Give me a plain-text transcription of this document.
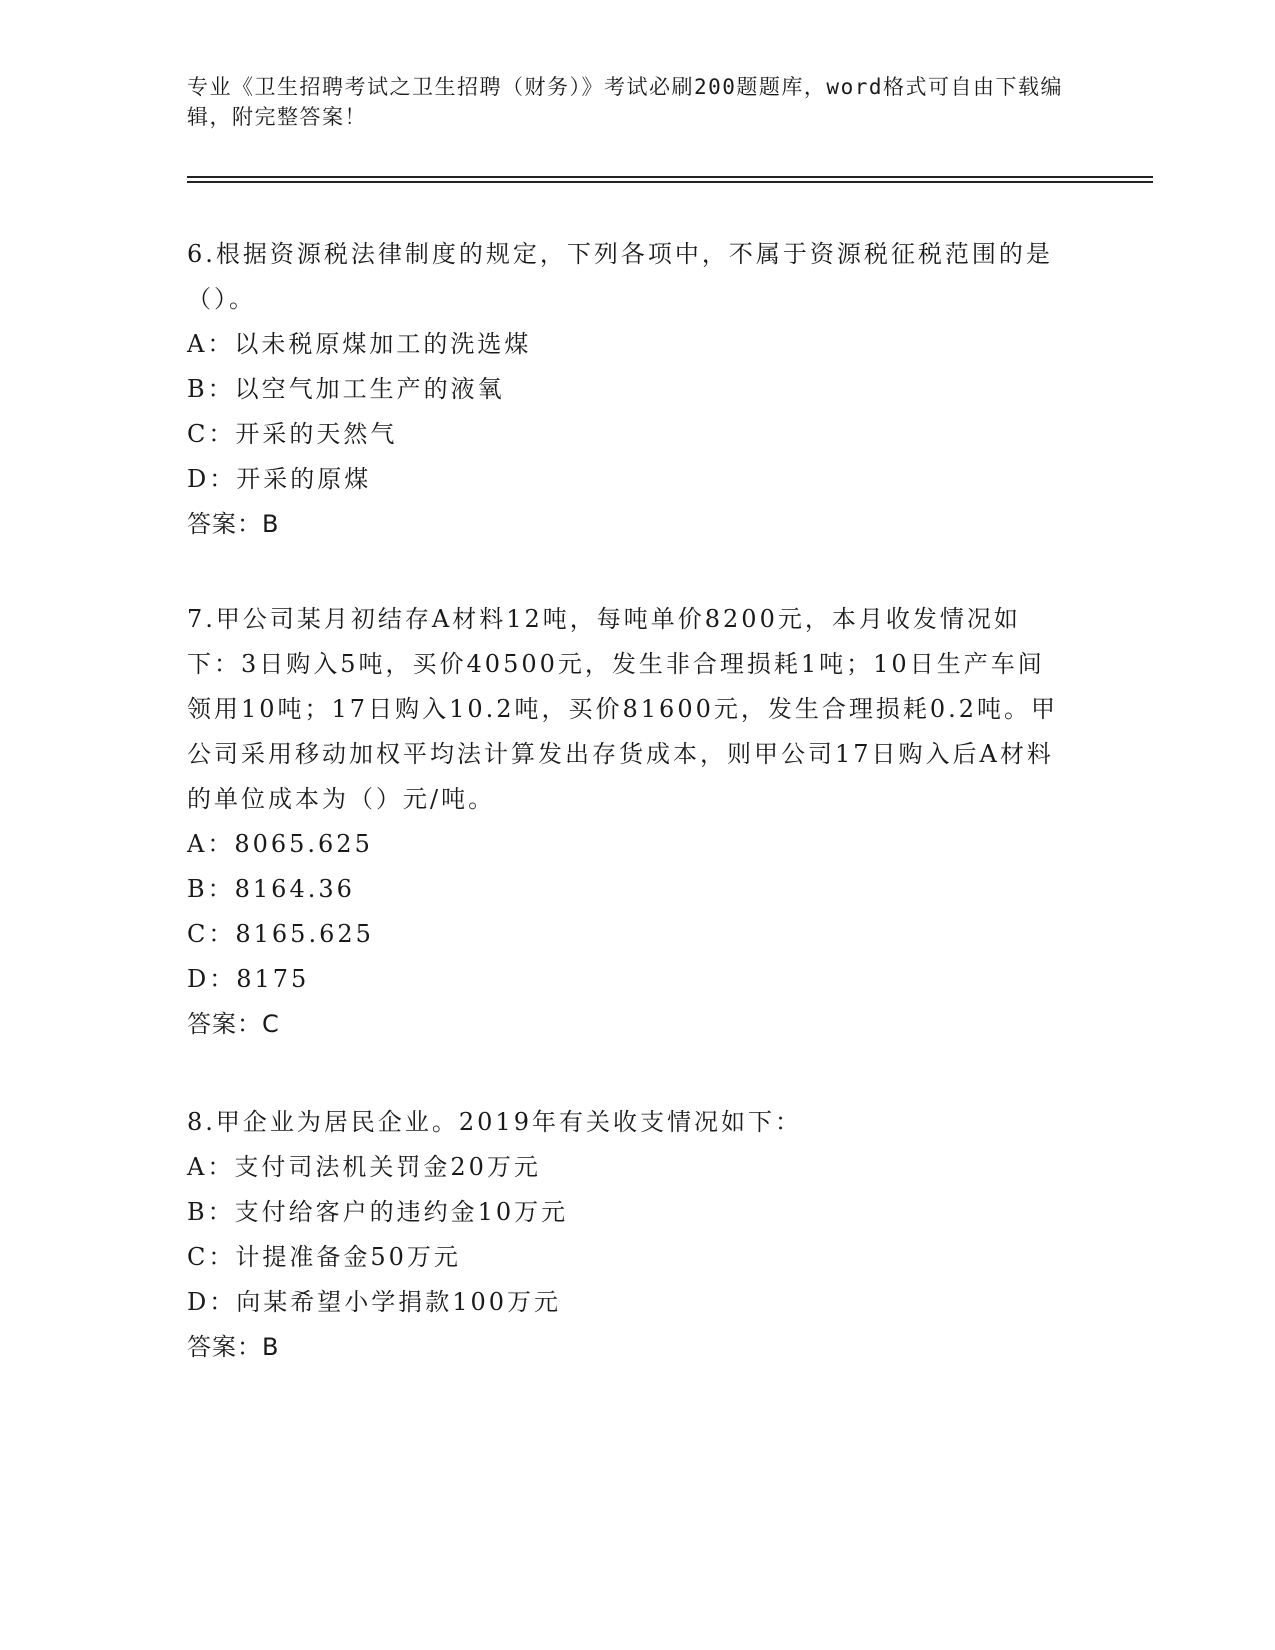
专业《卫生招聘考试之卫生招聘（财务）》考试必刷200题题库，word格式可自由下载编辑，附完整答案！

6.根据资源税法律制度的规定，下列各项中，不属于资源税征税范围的是（）。

A：以未税原煤加工的洗选煤

B：以空气加工生产的液氧

C：开采的天然气

D：开采的原煤

答案：B

7.甲公司某月初结存A材料12吨，每吨单价8200元，本月收发情况如下：3日购入5吨，买价40500元，发生非合理损耗1吨；10日生产车间领用10吨；17日购入10.2吨，买价81600元，发生合理损耗0.2吨。甲公司采用移动加权平均法计算发出存货成本，则甲公司17日购入后A材料的单位成本为（）元/吨。

A：8065.625

B：8164.36

C：8165.625

D：8175

答案：C

8.甲企业为居民企业。2019年有关收支情况如下：

A：支付司法机关罚金20万元

B：支付给客户的违约金10万元

C：计提准备金50万元

D：向某希望小学捐款100万元

答案：B
